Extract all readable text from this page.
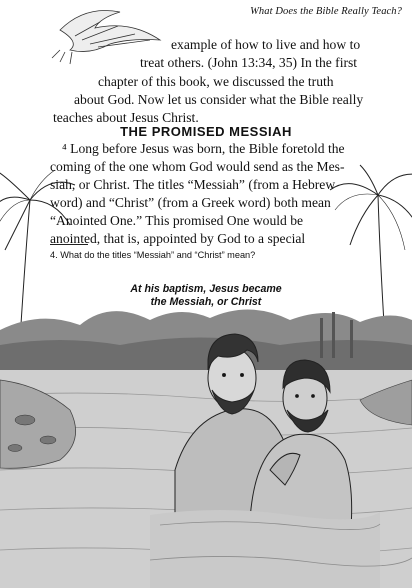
What Does the Bible Really Teach?
example of how to live and how to
treat others. (John 13:34, 35) In the first
chapter of this book, we discussed the truth
about God. Now let us consider what the Bible really
teaches about Jesus Christ.
THE PROMISED MESSIAH
⁴ Long before Jesus was born, the Bible foretold the
coming of the one whom God would send as the Mes-
siah, or Christ. The titles “Messiah” (from a Hebrew
word) and “Christ” (from a Greek word) both mean
“Anointed One.” This promised One would be
anointed, that is, appointed by God to a special
4. What do the titles “Messiah” and “Christ” mean?
At his baptism, Jesus became
the Messiah, or Christ
